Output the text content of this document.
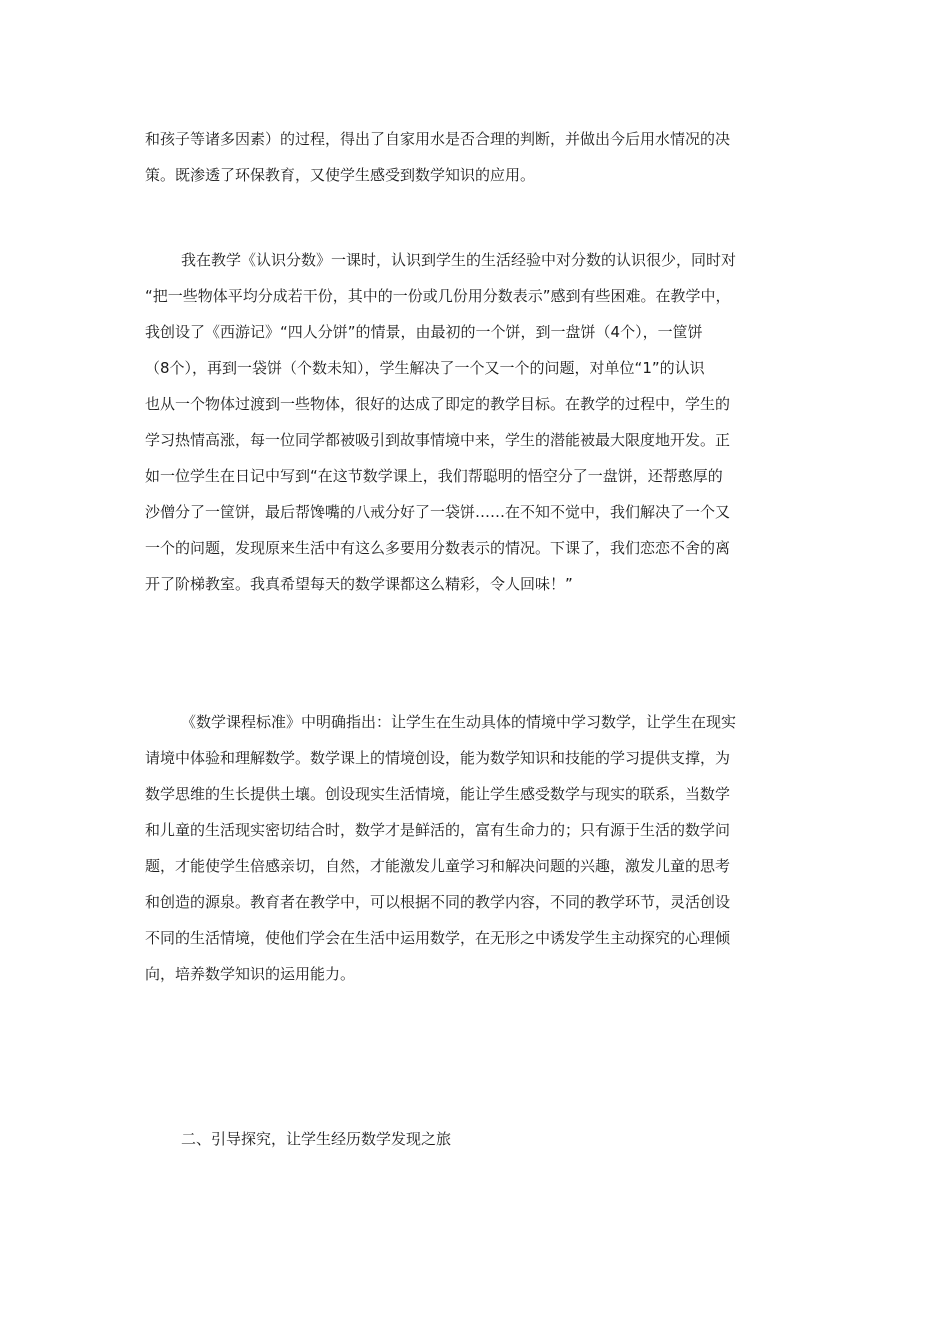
和孩子等诸多因素）的过程，得出了自家用水是否合理的判断，并做出今后用水情况的决
策。既渗透了环保教育，又使学生感受到数学知识的应用。
我在教学《认识分数》一课时，认识到学生的生活经验中对分数的认识很少，同时对
“把一些物体平均分成若干份，其中的一份或几份用分数表示”感到有些困难。在教学中，
我创设了《西游记》“四人分饼”的情景，由最初的一个饼，到一盘饼（4个），一筐饼
（8个），再到一袋饼（个数未知），学生解决了一个又一个的问题，对单位“1”的认识
也从一个物体过渡到一些物体，很好的达成了即定的教学目标。在教学的过程中，学生的
学习热情高涨，每一位同学都被吸引到故事情境中来，学生的潜能被最大限度地开发。正
如一位学生在日记中写到“在这节数学课上，我们帮聪明的悟空分了一盘饼，还帮憨厚的
沙僧分了一筐饼，最后帮馋嘴的八戒分好了一袋饼……在不知不觉中，我们解决了一个又
一个的问题，发现原来生活中有这么多要用分数表示的情况。下课了，我们恋恋不舍的离
开了阶梯教室。我真希望每天的数学课都这么精彩，令人回味！”
《数学课程标准》中明确指出：让学生在生动具体的情境中学习数学，让学生在现实
请境中体验和理解数学。数学课上的情境创设，能为数学知识和技能的学习提供支撑，为
数学思维的生长提供土壤。创设现实生活情境，能让学生感受数学与现实的联系，当数学
和儿童的生活现实密切结合时，数学才是鲜活的，富有生命力的；只有源于生活的数学问
题，才能使学生倍感亲切，自然，才能激发儿童学习和解决问题的兴趣，激发儿童的思考
和创造的源泉。教育者在教学中，可以根据不同的教学内容，不同的教学环节，灵活创设
不同的生活情境，使他们学会在生活中运用数学，在无形之中诱发学生主动探究的心理倾
向，培养数学知识的运用能力。
二、引导探究，让学生经历数学发现之旅
